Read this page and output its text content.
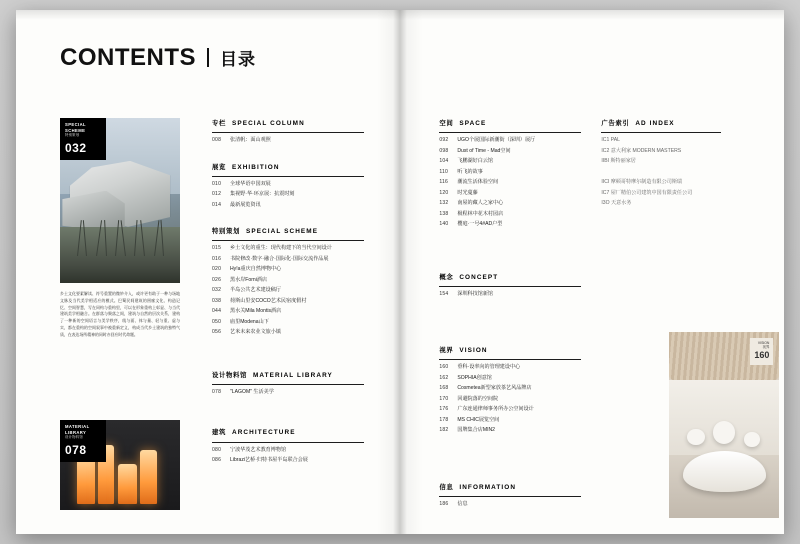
CONTENTS 目录
SPECIAL SCHEME
特别策划
032
乡土文化要素解读、符号重置的微妙介入，或许更有助于一种与场地文脉及当代美学相适应的模式。巴蜀民间建筑的围廊文化、构造记忆、空间智慧，写在同构与重构里，可以在形象重构上彰显、与当代建筑美学相融合。在群落与聚落之间，建筑与自然的层次关系，建构了一种新的空间语言与美学秩序，线与面、体与量、轻与重、虚与实，都在重构的空间叙事中被重新定义，构成当代乡土建筑的独特气质，在表达场所精神的同时亦回应时代命题。
MATERIAL LIBRARY
设计物料馆
078
专栏 SPECIAL COLUMN
008	张清帆：面山观照
展览 EXHIBITION
010	全球华语中国双展
012	集视野·华·环京展：抗震时刻
014	最新展览资讯
特别策划 SPECIAL SCHEME
015	乡土文化的重生：现代构建下的当代空间设计
016	书院修改·数字·融合·国际化·国际交流作品展
020	Hy!a重庆自然博物中心
026	黑水岸Forni酒店
032	半岛公共艺术建设稿厅
038	荷斯山里安COCO艺术民宿度假村
044	黑水关Mila Montis酒店
050	庙里Modena山下
056	艺米未来农业文旅小镇
设计物料馆 MATERIAL LIBRARY
078	"LAGOM" 生活美学
建筑 ARCHITECTURE
080	宁波华茂艺术教育博物馆
086	Librazi艺桥·归特书屋半岛联合会展
空间 SPACE
092	UGO个展国际新潮街（深圳）展厅
098	Dust of Time - Mad空间
104	飞鹏湖好白云馆
110	听飞的故事
116	潮流生活体验空间
120	时光蔓藤
132	南屋的藏人之家中心
138	极程林中花木村园店
140	樱庭·一号4#AD户型
概念 CONCEPT
154	深圳科技馆新馆
视界 VISION
160	垂科·设率向的管理建设中心
162	SOPHIA创意馆
168	Cosmetea新型家放茶艺风品牌店
170	回避院落的空间院
176	广东连通律师事务所办公空间设计
178	MS CHIC展览空间
182	国牌集合店MIN2
信息 INFORMATION
186	信息
广告索引 AD INDEX
IC1 PAL
IC2 意大利家 MODERN MASTERS
IIBI 斯特丽家居
IICI 摩顿哥特摩尔制造有限公司斯瑞
IC7 屋厂精伯公司建筑中国有限责任公司
I3O 天意水务
VISION
视界
160
